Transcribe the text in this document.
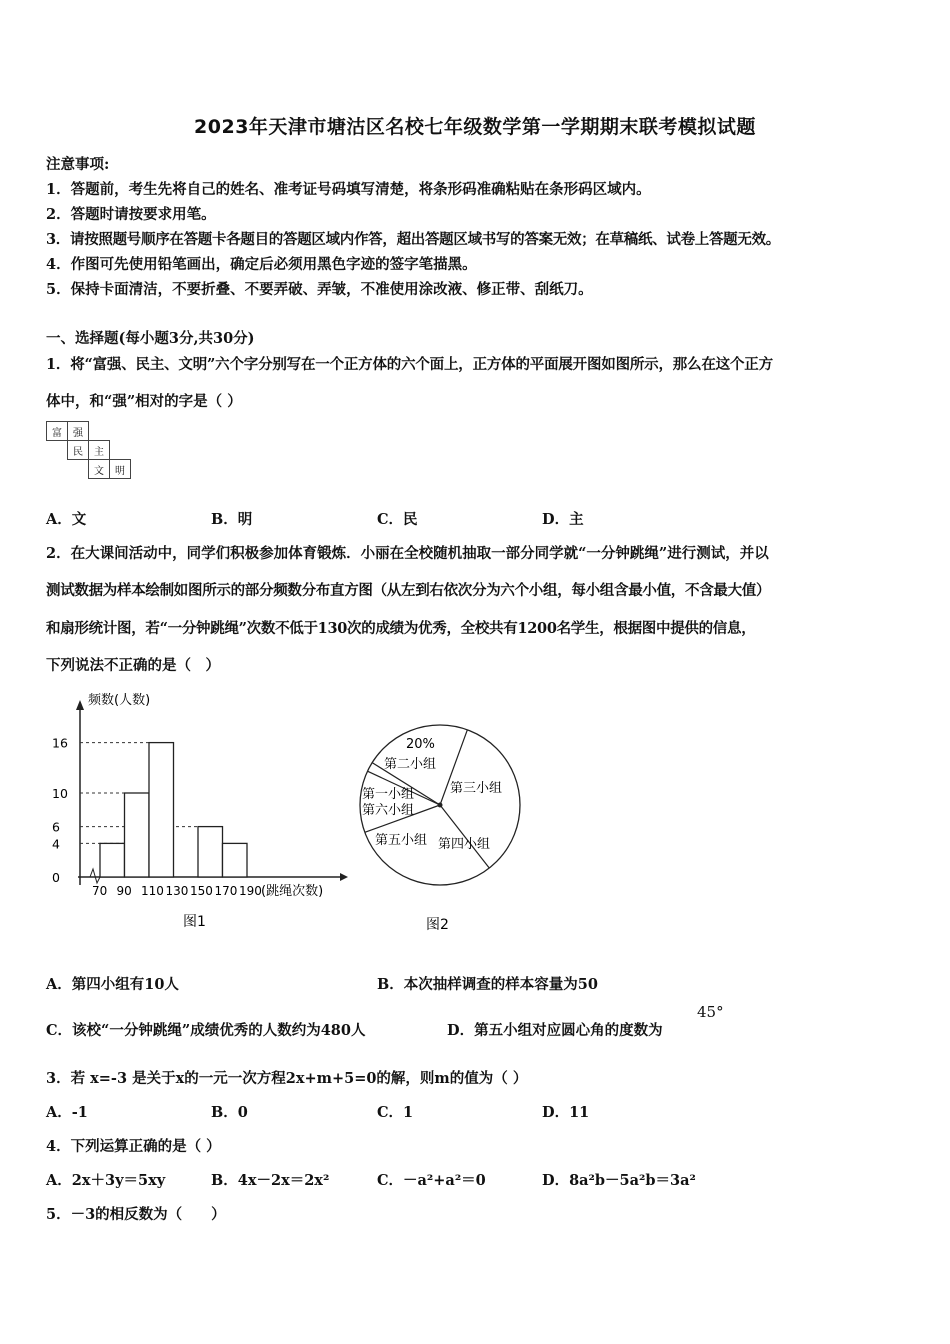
2023年天津市塘沽区名校七年级数学第一学期期末联考模拟试题
注意事项:
1．答题前，考生先将自己的姓名、准考证号码填写清楚，将条形码准确粘贴在条形码区域内。
2．答题时请按要求用笔。
3．请按照题号顺序在答题卡各题目的答题区域内作答，超出答题区域书写的答案无效；在草稿纸、试卷上答题无效。
4．作图可先使用铅笔画出，确定后必须用黑色字迹的签字笔描黑。
5．保持卡面清洁，不要折叠、不要弄破、弄皱，不准使用涂改液、修正带、刮纸刀。
一、选择题(每小题3分,共30分)
1．将“富强、民主、文明”六个字分别写在一个正方体的六个面上，正方体的平面展开图如图所示，那么在这个正方
体中，和“强”相对的字是（ ）
富	强		
	民	主	
		文	明
A．文	B．明	C．民	D．主
2．在大课间活动中，同学们积极参加体育锻炼．小丽在全校随机抽取一部分同学就“一分钟跳绳”进行测试，并以
测试数据为样本绘制如图所示的部分频数分布直方图（从左到右依次分为六个小组，每小组含最小值，不含最大值）
和扇形统计图，若“一分钟跳绳”次数不低于130次的成绩为优秀，全校共有1200名学生，根据图中提供的信息，
下列说法不正确的是（　）
频数(人数)
0
4
6
10
16
70 90 110 130 150 170 190 (跳绳次数)
图1
20%
第二小组
第三小组
第一小组
第六小组
第五小组 第四小组
图2
A．第四小组有10人	B．本次抽样调查的样本容量为50
C．该校“一分钟跳绳”成绩优秀的人数约为480人	D．第五小组对应圆心角的度数为
45°
3．若 x=-3 是关于x的一元一次方程2x+m+5=0的解，则m的值为（ ）
A．-1	B．0	C．1	D．11
4．下列运算正确的是（ ）
A．2x＋3y＝5xy	B．4x－2x＝2x²	C．－a²+a²＝0	D．8a²b－5a²b＝3a²
5．－3的相反数为（　　）
